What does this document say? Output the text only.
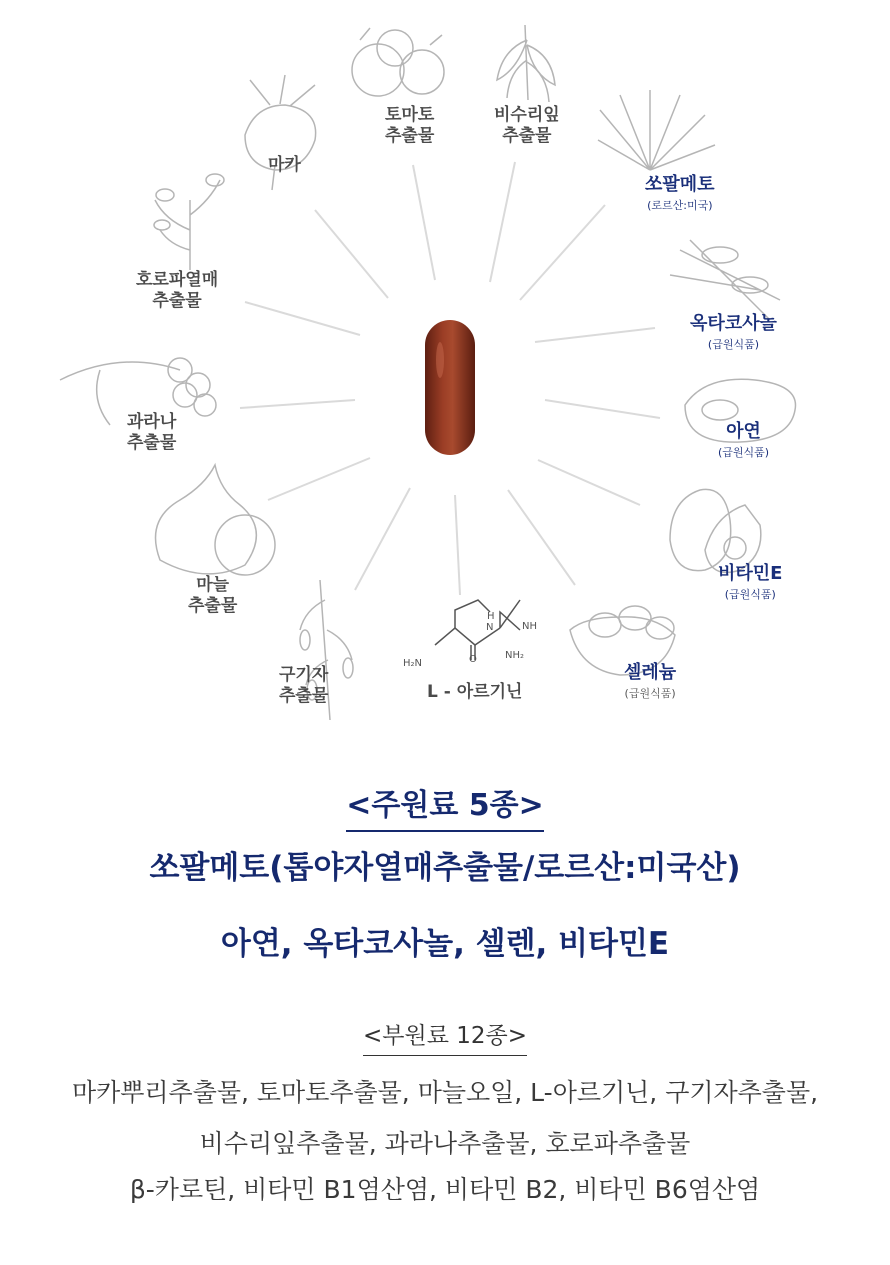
H
N	NH
NH₂
H₂N	O
토마토
추출물
비수리잎
추출물
쏘팔메토
(로르산:미국)
옥타코사놀
(급원식품)
아연
(급원식품)
비타민E
(급원식품)
셀레늄
(급원식품)
L - 아르기닌
구기자
추출물
마늘
추출물
과라나
추출물
호로파열매
추출물
마카
<주원료 5종>
쏘팔메토(톱야자열매추출물/로르산:미국산)
아연, 옥타코사놀, 셀렌, 비타민E
<부원료 12종>
마카뿌리추출물, 토마토추출물, 마늘오일, L-아르기닌, 구기자추출물,
비수리잎추출물, 과라나추출물, 호로파추출물
β-카로틴, 비타민 B1염산염, 비타민 B2, 비타민 B6염산염
